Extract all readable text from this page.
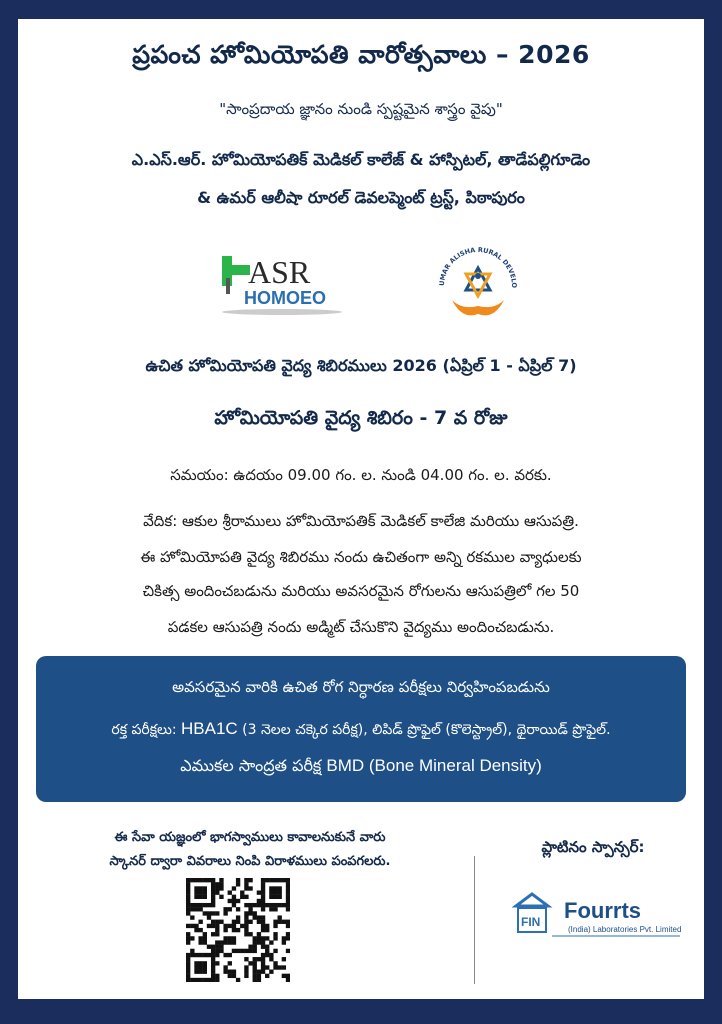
ప్రపంచ హోమియోపతి వారోత్సవాలు – 2026
"సాంప్రదాయ జ్ఞానం నుండి స్పష్టమైన శాస్త్రం వైపు"
ఎ.ఎస్.ఆర్. హోమియోపతిక్ మెడికల్ కాలేజ్ & హాస్పిటల్, తాడేపల్లిగూడెం
& ఉమర్ ఆలీషా రూరల్ డెవలప్మెంట్ ట్రస్ట్, పిఠాపురం
ASR
HOMOEO
UMAR ALISHA RURAL DEVELO
ఉచిత హోమియోపతి వైద్య శిబిరములు 2026 (ఏప్రిల్ 1 - ఏప్రిల్ 7)
హోమియోపతి వైద్య శిబిరం - 7 వ రోజు
సమయం: ఉదయం 09.00 గం. ల. నుండి 04.00 గం. ల. వరకు.
వేదిక: ఆకుల శ్రీరాములు హోమియోపతిక్ మెడికల్ కాలేజి మరియు ఆసుపత్రి.
ఈ హోమియోపతి వైద్య శిబిరము నందు ఉచితంగా అన్ని రకముల వ్యాధులకు
చికిత్స అందించబడును మరియు అవసరమైన రోగులను ఆసుపత్రిలో గల 50
పడకల ఆసుపత్రి నందు అడ్మిట్ చేసుకొని వైద్యము అందించబడును.
అవసరమైన వారికి ఉచిత రోగ నిర్ధారణ పరీక్షలు నిర్వహింపబడును
రక్త పరీక్షలు: HBA1C (3 నెలల చక్కెర పరీక్ష), లిపిడ్ ప్రొఫైల్ (కొలెస్ట్రాల్), థైరాయిడ్ ప్రొఫైల్.
ఎముకల సాంద్రత పరీక్ష BMD (Bone Mineral Density)
ఈ సేవా యజ్ఞంలో భాగస్వాములు కావాలనుకునే వారు
స్కానర్ ద్వారా వివరాలు నింపి విరాళములు పంపగలరు.
ప్లాటినం స్పాన్సర్:
FIN Fourrts
(India) Laboratories Pvt. Limited
